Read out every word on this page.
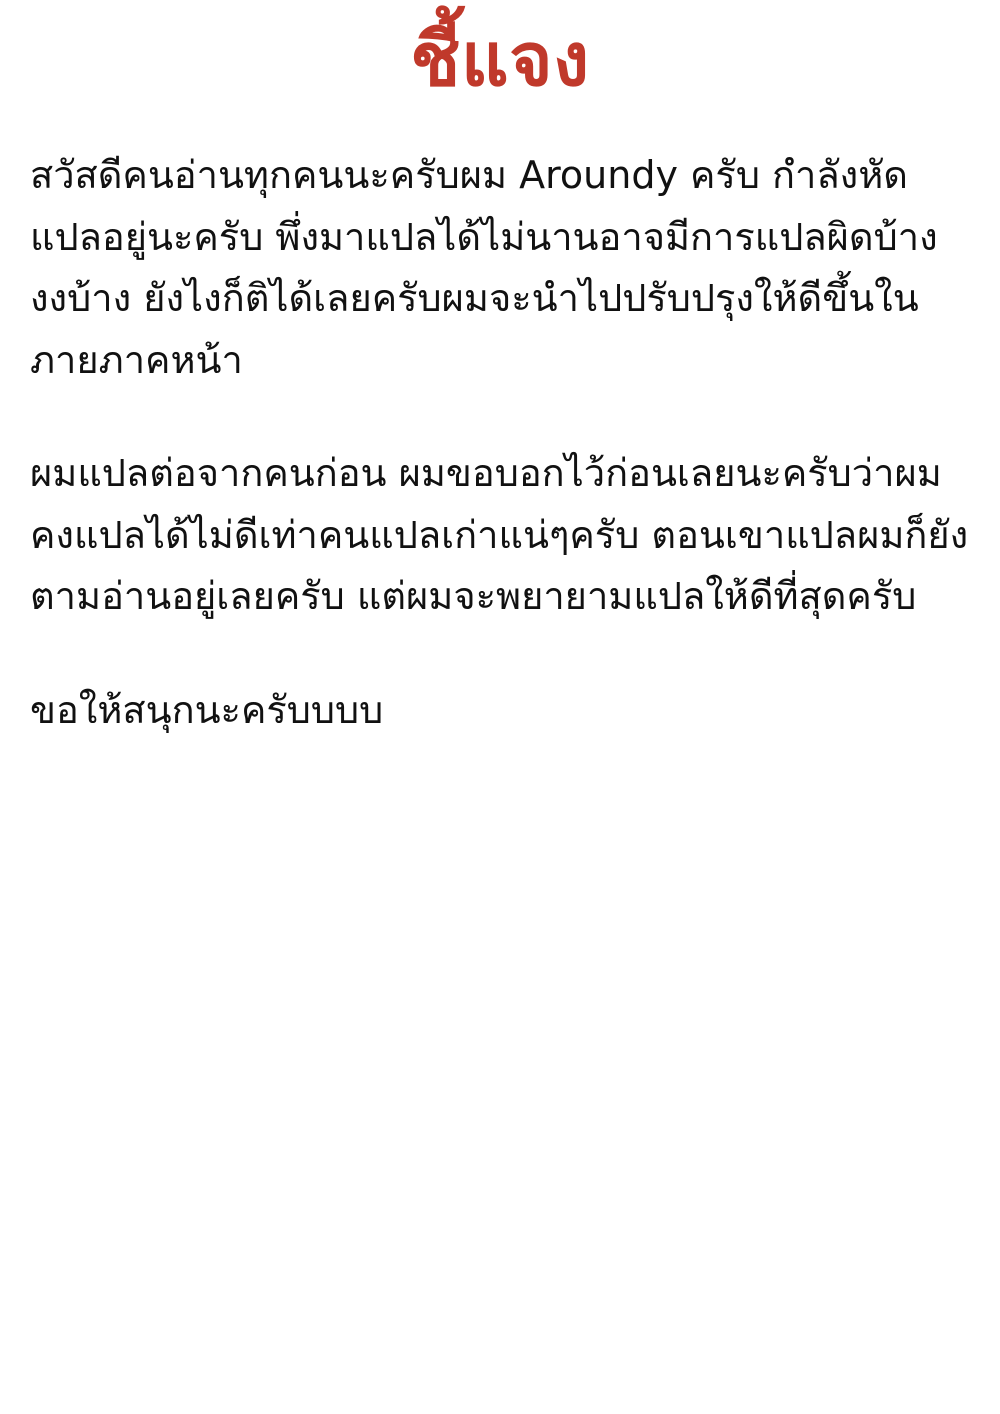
ชี้แจง

สวัสดีคนอ่านทุกคนนะครับผม Aroundy ครับ กำลังหัดแปลอยู่นะครับ พึ่งมาแปลได้ไม่นานอาจมีการแปลผิดบ้าง งงบ้าง ยังไงก็ติได้เลยครับผมจะนำไปปรับปรุงให้ดีขึ้นในภายภาคหน้า

ผมแปลต่อจากคนก่อน ผมขอบอกไว้ก่อนเลยนะครับว่าผม คงแปลได้ไม่ดีเท่าคนแปลเก่าแน่ๆครับ ตอนเขาแปลผมก็ยังตามอ่านอยู่เลยครับ แต่ผมจะพยายามแปลให้ดีที่สุดครับ

ขอให้สนุกนะครับบบบ
